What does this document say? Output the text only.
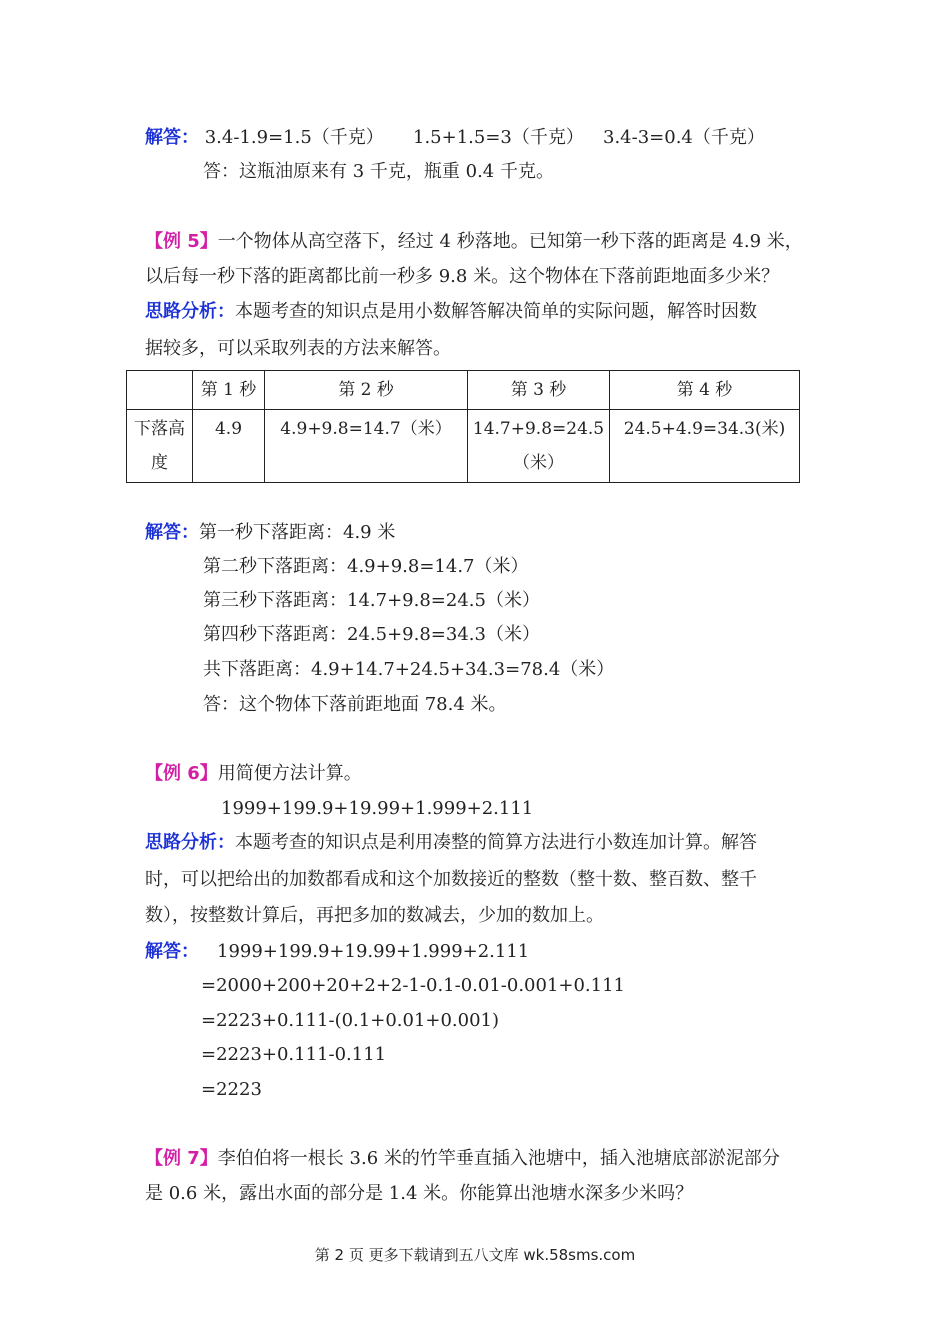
解答： 3.4-1.9=1.5（千克） 1.5+1.5=3（千克） 3.4-3=0.4（千克）
答：这瓶油原来有 3 千克，瓶重 0.4 千克。
【例 5】一个物体从高空落下，经过 4 秒落地。已知第一秒下落的距离是 4.9 米，
以后每一秒下落的距离都比前一秒多 9.8 米。这个物体在下落前距地面多少米？
思路分析：本题考查的知识点是用小数解答解决简单的实际问题，解答时因数
据较多，可以采取列表的方法来解答。
	第 1 秒	第 2 秒	第 3 秒	第 4 秒
下落高度	4.9	4.9+9.8=14.7（米）	14.7+9.8=24.5（米）	24.5+4.9=34.3(米)
解答：第一秒下落距离：4.9 米
第二秒下落距离：4.9+9.8=14.7（米）
第三秒下落距离：14.7+9.8=24.5（米）
第四秒下落距离：24.5+9.8=34.3（米）
共下落距离：4.9+14.7+24.5+34.3=78.4（米）
答：这个物体下落前距地面 78.4 米。
【例 6】用简便方法计算。
1999+199.9+19.99+1.999+2.111
思路分析：本题考查的知识点是利用凑整的简算方法进行小数连加计算。解答
时，可以把给出的加数都看成和这个加数接近的整数（整十数、整百数、整千
数），按整数计算后，再把多加的数减去，少加的数加上。
解答： 1999+199.9+19.99+1.999+2.111
=2000+200+20+2+2-1-0.1-0.01-0.001+0.111
=2223+0.111-(0.1+0.01+0.001)
=2223+0.111-0.111
=2223
【例 7】李伯伯将一根长 3.6 米的竹竿垂直插入池塘中，插入池塘底部淤泥部分
是 0.6 米，露出水面的部分是 1.4 米。你能算出池塘水深多少米吗？
第 2 页 更多下载请到五八文库 wk.58sms.com
